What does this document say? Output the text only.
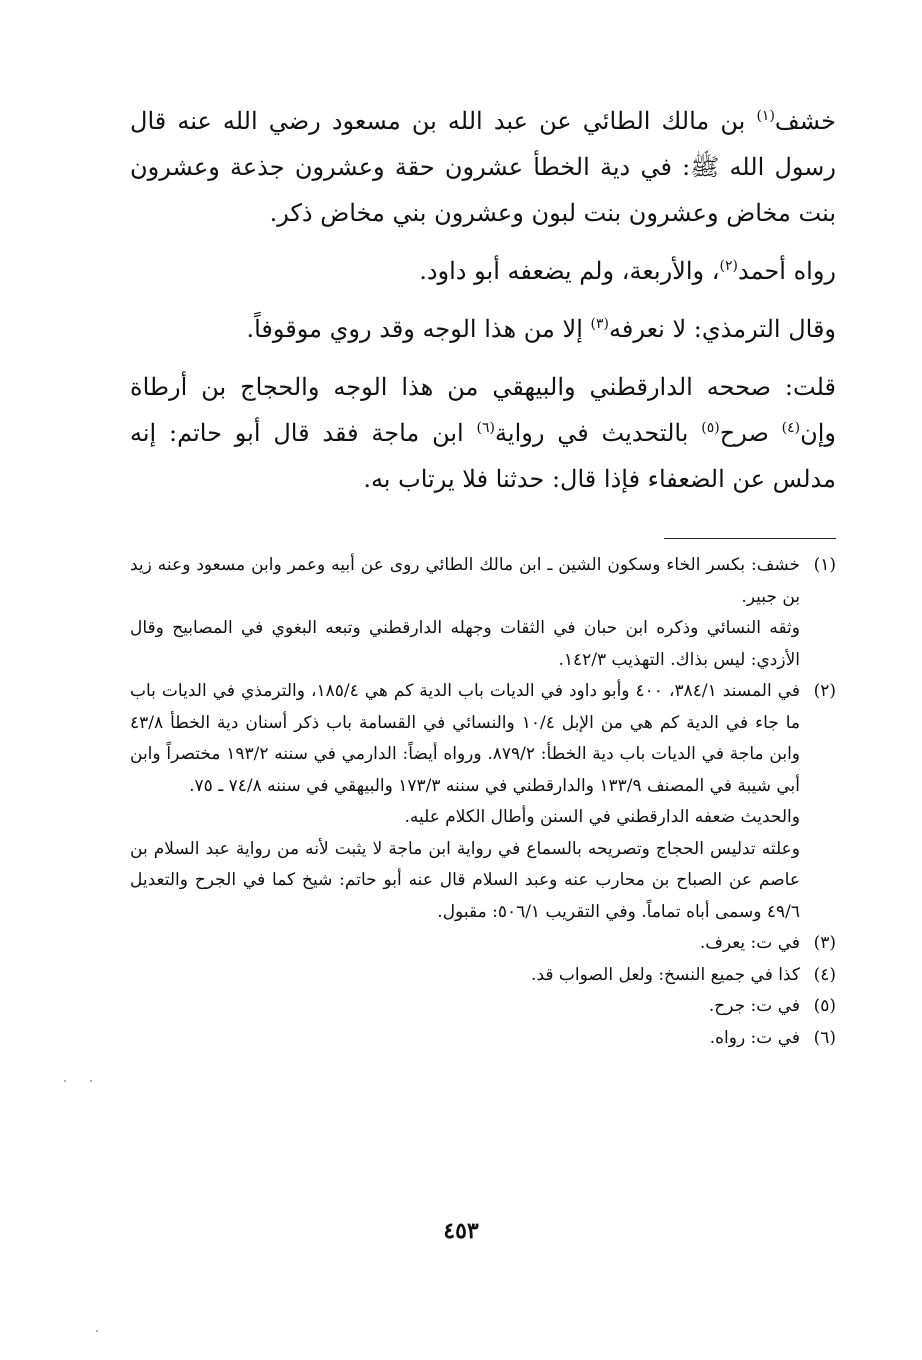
خشف$^{(١)}$ بن مالك الطائي عن عبد الله بن مسعود رضي الله عنه قال رسول الله ﷺ: في دية الخطأ عشرون حقة وعشرون جذعة وعشرون بنت مخاض وعشرون بنت لبون وعشرون بني مخاض ذكر.

رواه أحمد$^{(٢)}$، والأربعة، ولم يضعفه أبو داود.

وقال الترمذي: لا نعرفه$^{(٣)}$ إلا من هذا الوجه وقد روي موقوفاً.

قلت: صححه الدارقطني والبيهقي من هذا الوجه والحجاج بن أرطاة وإن$^{(٤)}$ صرح$^{(٥)}$ بالتحديث في رواية$^{(٦)}$ ابن ماجة فقد قال أبو حاتم: إنه مدلس عن الضعفاء فإذا قال: حدثنا فلا يرتاب به.

(١)
خشف: بكسر الخاء وسكون الشين ـ ابن مالك الطائي روى عن أبيه وعمر وابن مسعود وعنه زيد بن جبير.
وثقه النسائي وذكره ابن حبان في الثقات وجهله الدارقطني وتبعه البغوي في المصابيح وقال الأزدي: ليس بذاك. التهذيب ١٤٢/٣.
(٢)
في المسند ٣٨٤/١، ٤٠٠ وأبو داود في الديات باب الدية كم هي ١٨٥/٤، والترمذي في الديات باب ما جاء في الدية كم هي من الإبل ١٠/٤ والنسائي في القسامة باب ذكر أسنان دية الخطأ ٤٣/٨ وابن ماجة في الديات باب دية الخطأ: ٨٧٩/٢. ورواه أيضاً: الدارمي في سننه ١٩٣/٢ مختصراً وابن أبي شيبة في المصنف ١٣٣/٩ والدارقطني في سننه ١٧٣/٣ والبيهقي في سننه ٧٤/٨ ـ ٧٥.
والحديث ضعفه الدارقطني في السنن وأطال الكلام عليه.
وعلته تدليس الحجاج وتصريحه بالسماع في رواية ابن ماجة لا يثبت لأنه من رواية عبد السلام بن عاصم عن الصباح بن محارب عنه وعبد السلام قال عنه أبو حاتم: شيخ كما في الجرح والتعديل ٤٩/٦ وسمى أباه تماماً. وفي التقريب ٥٠٦/١: مقبول.
(٣)
في ت: يعرف.
(٤)
كذا في جميع النسخ: ولعل الصواب قد.
(٥)
في ت: جرح.
(٦)
في ت: رواه.
٤٥٣
